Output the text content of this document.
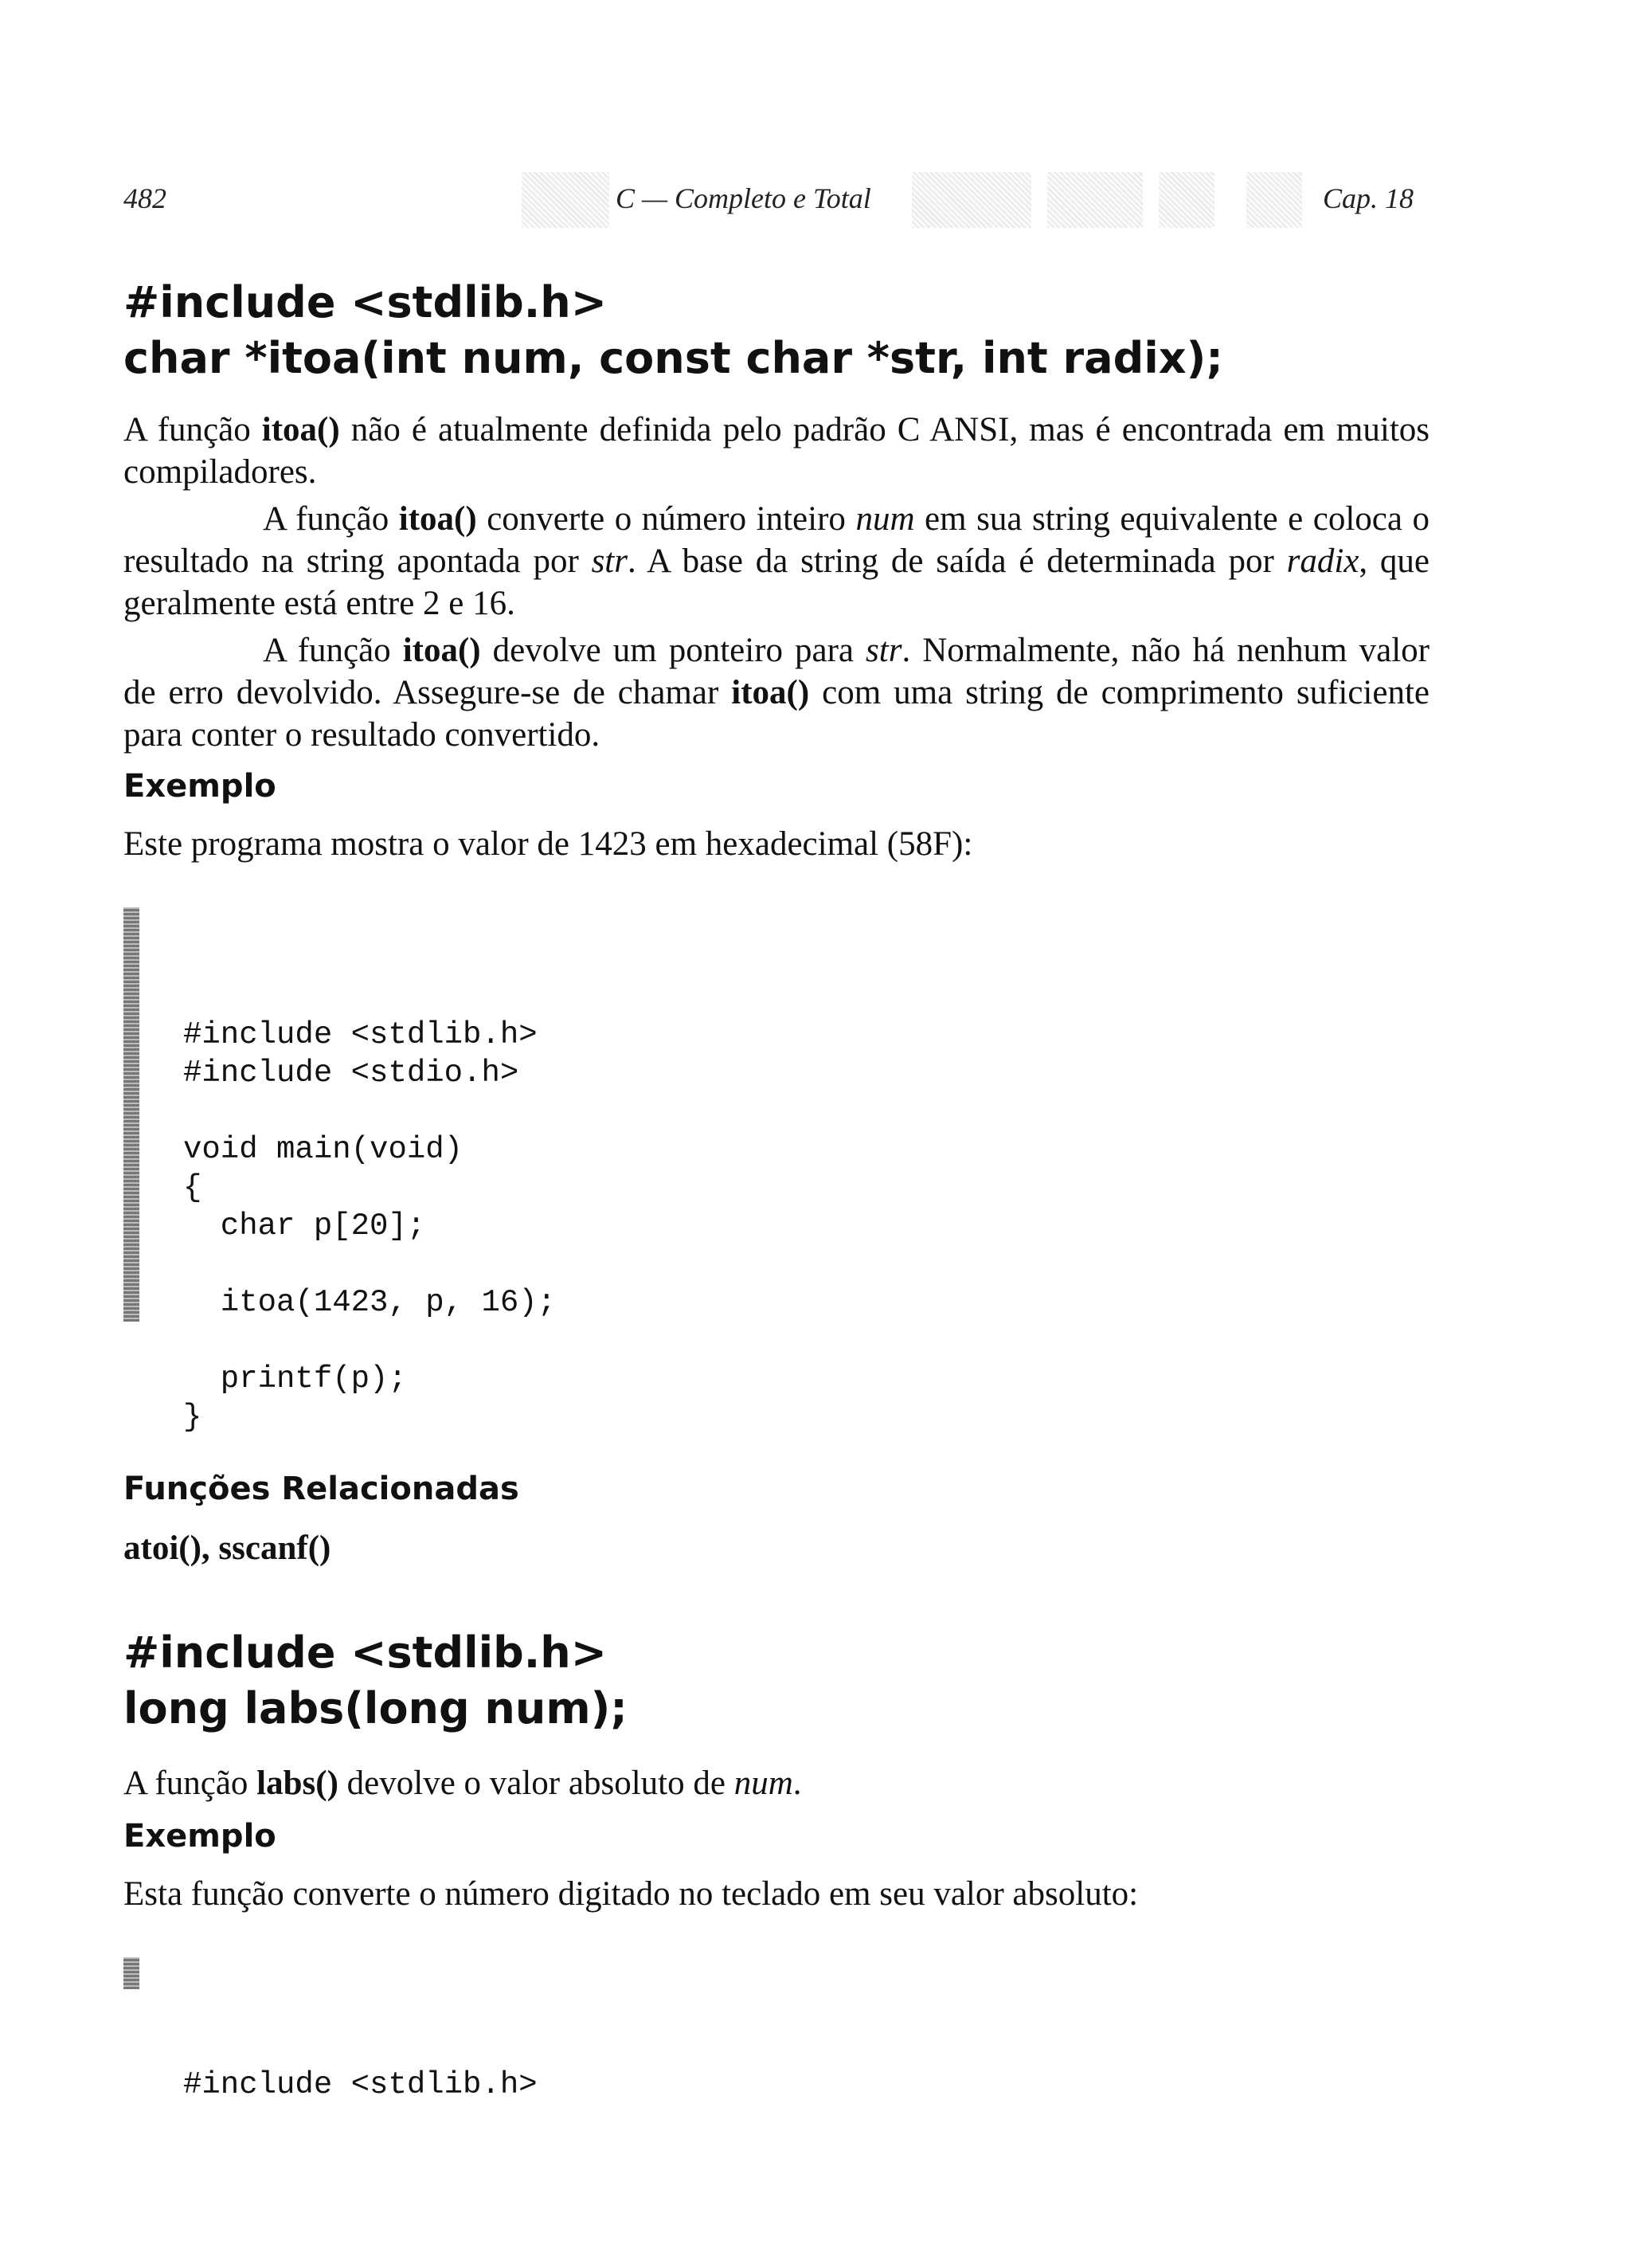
482	C — Completo e Total	Cap. 18
#include <stdlib.h>
char *itoa(int num, const char *str, int radix);

A função itoa() não é atualmente definida pelo padrão C ANSI, mas é encontrada em muitos compiladores.

A função itoa() converte o número inteiro num em sua string equivalente e coloca o resultado na string apontada por str. A base da string de saída é determinada por radix, que geralmente está entre 2 e 16.

A função itoa() devolve um ponteiro para str. Normalmente, não há nenhum valor de erro devolvido. Assegure-se de chamar itoa() com uma string de comprimento suficiente para conter o resultado convertido.

Exemplo

Este programa mostra o valor de 1423 em hexadecimal (58F):

#include <stdlib.h>
#include <stdio.h>
void main(void)
{
char p[20];
itoa(1423, p, 16);
printf(p);
}

Funções Relacionadas

atoi(), sscanf()
#include <stdlib.h>
long labs(long num);

A função labs() devolve o valor absoluto de num.

Exemplo

Esta função converte o número digitado no teclado em seu valor absoluto:

#include <stdlib.h>
